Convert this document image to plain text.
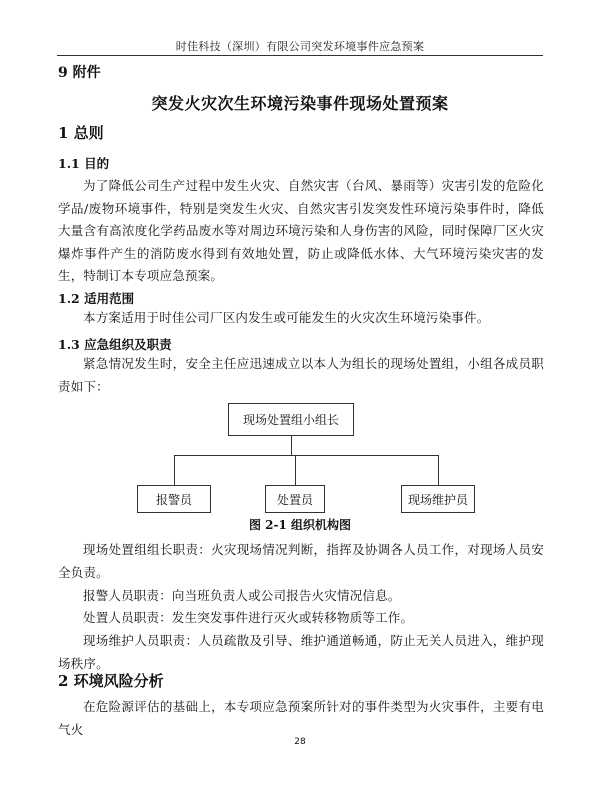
时佳科技（深圳）有限公司突发环境事件应急预案
9 附件
突发火灾次生环境污染事件现场处置预案
1 总则
1.1 目的
为了降低公司生产过程中发生火灾、自然灾害（台风、暴雨等）灾害引发的危险化学品/废物环境事件，特别是突发生火灾、自然灾害引发突发性环境污染事件时，降低大量含有高浓度化学药品废水等对周边环境污染和人身伤害的风险，同时保障厂区火灾爆炸事件产生的消防废水得到有效地处置，防止或降低水体、大气环境污染灾害的发生，特制订本专项应急预案。
1.2 适用范围
本方案适用于时佳公司厂区内发生或可能发生的火灾次生环境污染事件。
1.3 应急组织及职责
紧急情况发生时，安全主任应迅速成立以本人为组长的现场处置组，小组各成员职责如下：
现场处置组小组长
报警员	处置员	现场维护员
图 2-1 组织机构图
现场处置组组长职责：火灾现场情况判断，指挥及协调各人员工作，对现场人员安全负责。
报警人员职责：向当班负责人或公司报告火灾情况信息。
处置人员职责：发生突发事件进行灭火或转移物质等工作。
现场维护人员职责：人员疏散及引导、维护通道畅通，防止无关人员进入，维护现场秩序。
2 环境风险分析
在危险源评估的基础上，本专项应急预案所针对的事件类型为火灾事件，主要有电气火
28
